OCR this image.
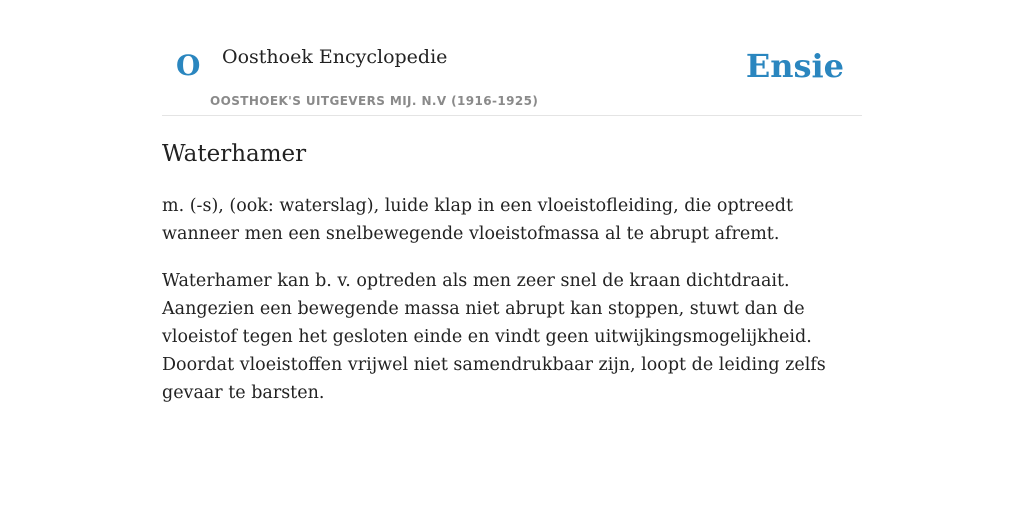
O Oosthoek Encyclopedie
OOSTHOEK'S UITGEVERS MIJ. N.V (1916-1925)
Ensie
Waterhamer

m. (-s), (ook: waterslag), luide klap in een vloeistofleiding, die optreedt wanneer men een snelbewegende vloeistofmassa al te abrupt afremt.

Waterhamer kan b. v. optreden als men zeer snel de kraan dichtdraait. Aangezien een bewegende massa niet abrupt kan stoppen, stuwt dan de vloeistof tegen het gesloten einde en vindt geen uitwijkingsmogelijkheid. Doordat vloeistoffen vrijwel niet samendrukbaar zijn, loopt de leiding zelfs gevaar te barsten.
